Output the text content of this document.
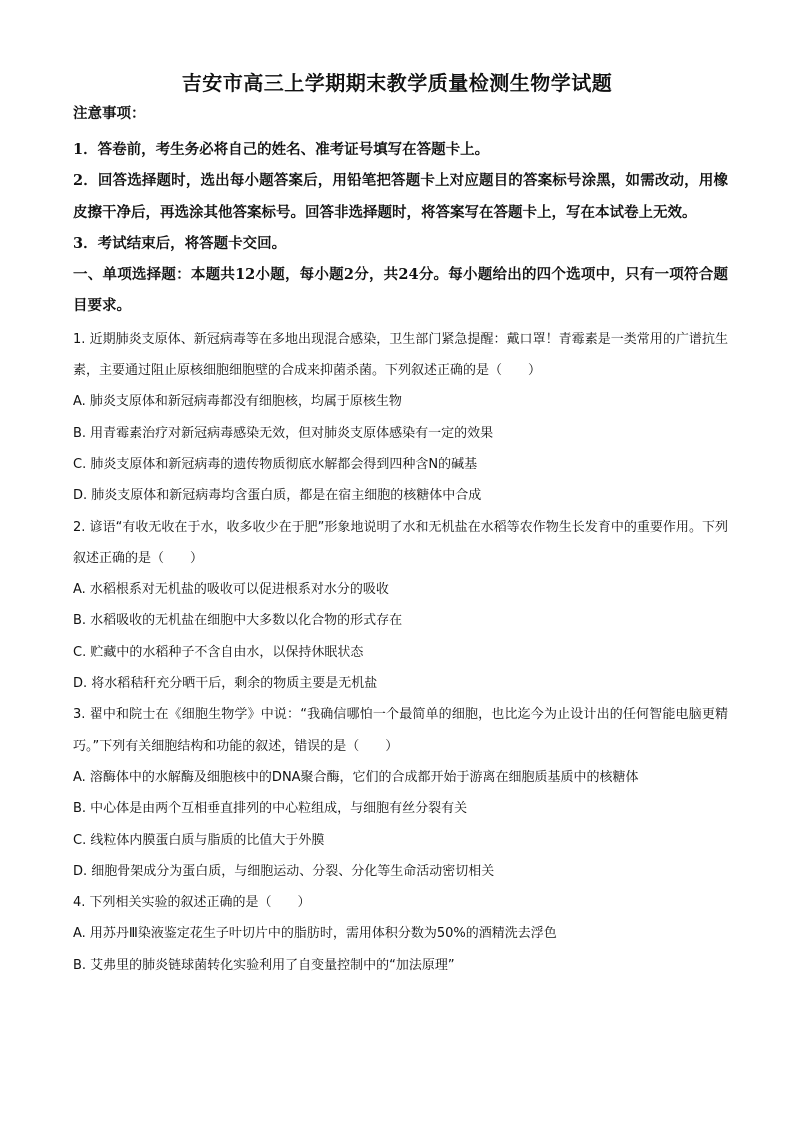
吉安市高三上学期期末教学质量检测生物学试题

注意事项：

1．答卷前，考生务必将自己的姓名、准考证号填写在答题卡上。

2．回答选择题时，选出每小题答案后，用铅笔把答题卡上对应题目的答案标号涂黑，如需改动，用橡皮擦干净后，再选涂其他答案标号。回答非选择题时，将答案写在答题卡上，写在本试卷上无效。

3．考试结束后，将答题卡交回。

一、单项选择题：本题共12小题，每小题2分，共24分。每小题给出的四个选项中，只有一项符合题目要求。

1. 近期肺炎支原体、新冠病毒等在多地出现混合感染，卫生部门紧急提醒：戴口罩！青霉素是一类常用的广谱抗生素，主要通过阻止原核细胞细胞壁的合成来抑菌杀菌。下列叙述正确的是（　　）

A. 肺炎支原体和新冠病毒都没有细胞核，均属于原核生物

B. 用青霉素治疗对新冠病毒感染无效，但对肺炎支原体感染有一定的效果

C. 肺炎支原体和新冠病毒的遗传物质彻底水解都会得到四种含N的碱基

D. 肺炎支原体和新冠病毒均含蛋白质，都是在宿主细胞的核糖体中合成

2. 谚语“有收无收在于水，收多收少在于肥”形象地说明了水和无机盐在水稻等农作物生长发育中的重要作用。下列叙述正确的是（　　）

A. 水稻根系对无机盐的吸收可以促进根系对水分的吸收

B. 水稻吸收的无机盐在细胞中大多数以化合物的形式存在

C. 贮藏中的水稻种子不含自由水，以保持休眠状态

D. 将水稻秸秆充分晒干后，剩余的物质主要是无机盐

3. 翟中和院士在《细胞生物学》中说：“我确信哪怕一个最简单的细胞，也比迄今为止设计出的任何智能电脑更精巧。”下列有关细胞结构和功能的叙述，错误的是（　　）

A. 溶酶体中的水解酶及细胞核中的DNA聚合酶，它们的合成都开始于游离在细胞质基质中的核糖体

B. 中心体是由两个互相垂直排列的中心粒组成，与细胞有丝分裂有关

C. 线粒体内膜蛋白质与脂质的比值大于外膜

D. 细胞骨架成分为蛋白质，与细胞运动、分裂、分化等生命活动密切相关

4. 下列相关实验的叙述正确的是（　　）

A. 用苏丹Ⅲ染液鉴定花生子叶切片中的脂肪时，需用体积分数为50%的酒精洗去浮色

B. 艾弗里的肺炎链球菌转化实验利用了自变量控制中的“加法原理”
